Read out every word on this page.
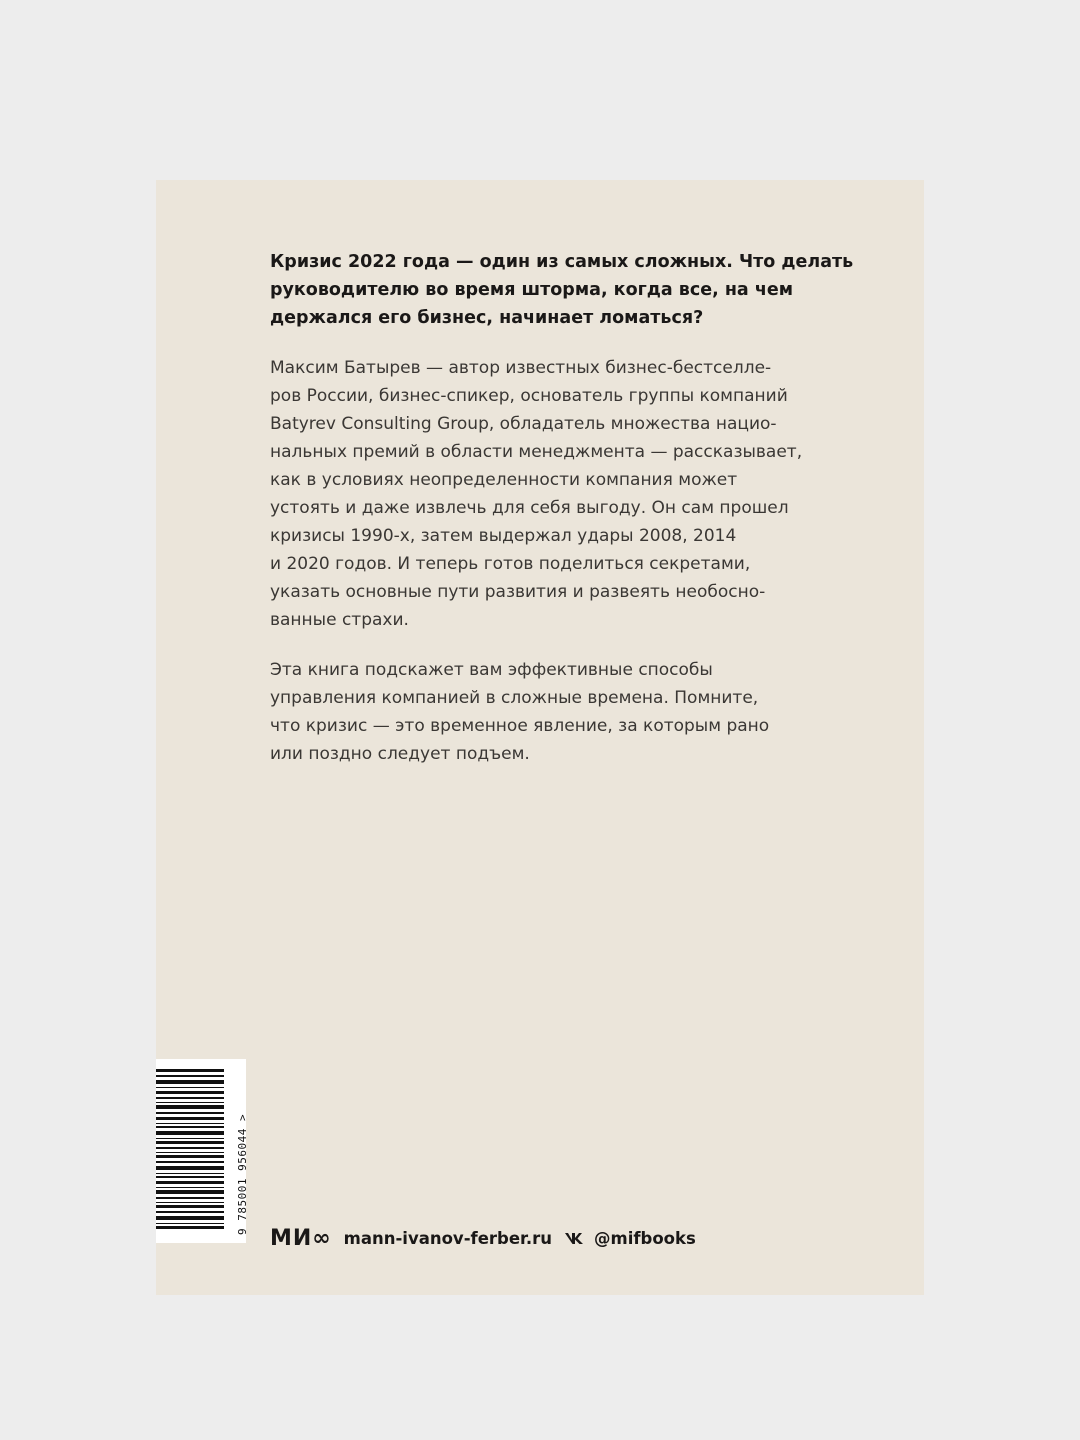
Кризис 2022 года — один из самых сложных. Что делать
руководителю во время шторма, когда все, на чем
держался его бизнес, начинает ломаться?

Максим Батырев — автор известных бизнес-бестселле-
ров России, бизнес-спикер, основатель группы компаний
Batyrev Consulting Group, обладатель множества нацио-
нальных премий в области менеджмента — рассказывает,
как в условиях неопределенности компания может
устоять и даже извлечь для себя выгоду. Он сам прошел
кризисы 1990-х, затем выдержал удары 2008, 2014
и 2020 годов. И теперь готов поделиться секретами,
указать основные пути развития и развеять необосно-
ванные страхи.

Эта книга подскажет вам эффективные способы
управления компанией в сложные времена. Помните,
что кризис — это временное явление, за которым рано
или поздно следует подъем.

9 785001 956044 >
МИ∞ mann-ivanov-ferber.ru	@mifbooks
